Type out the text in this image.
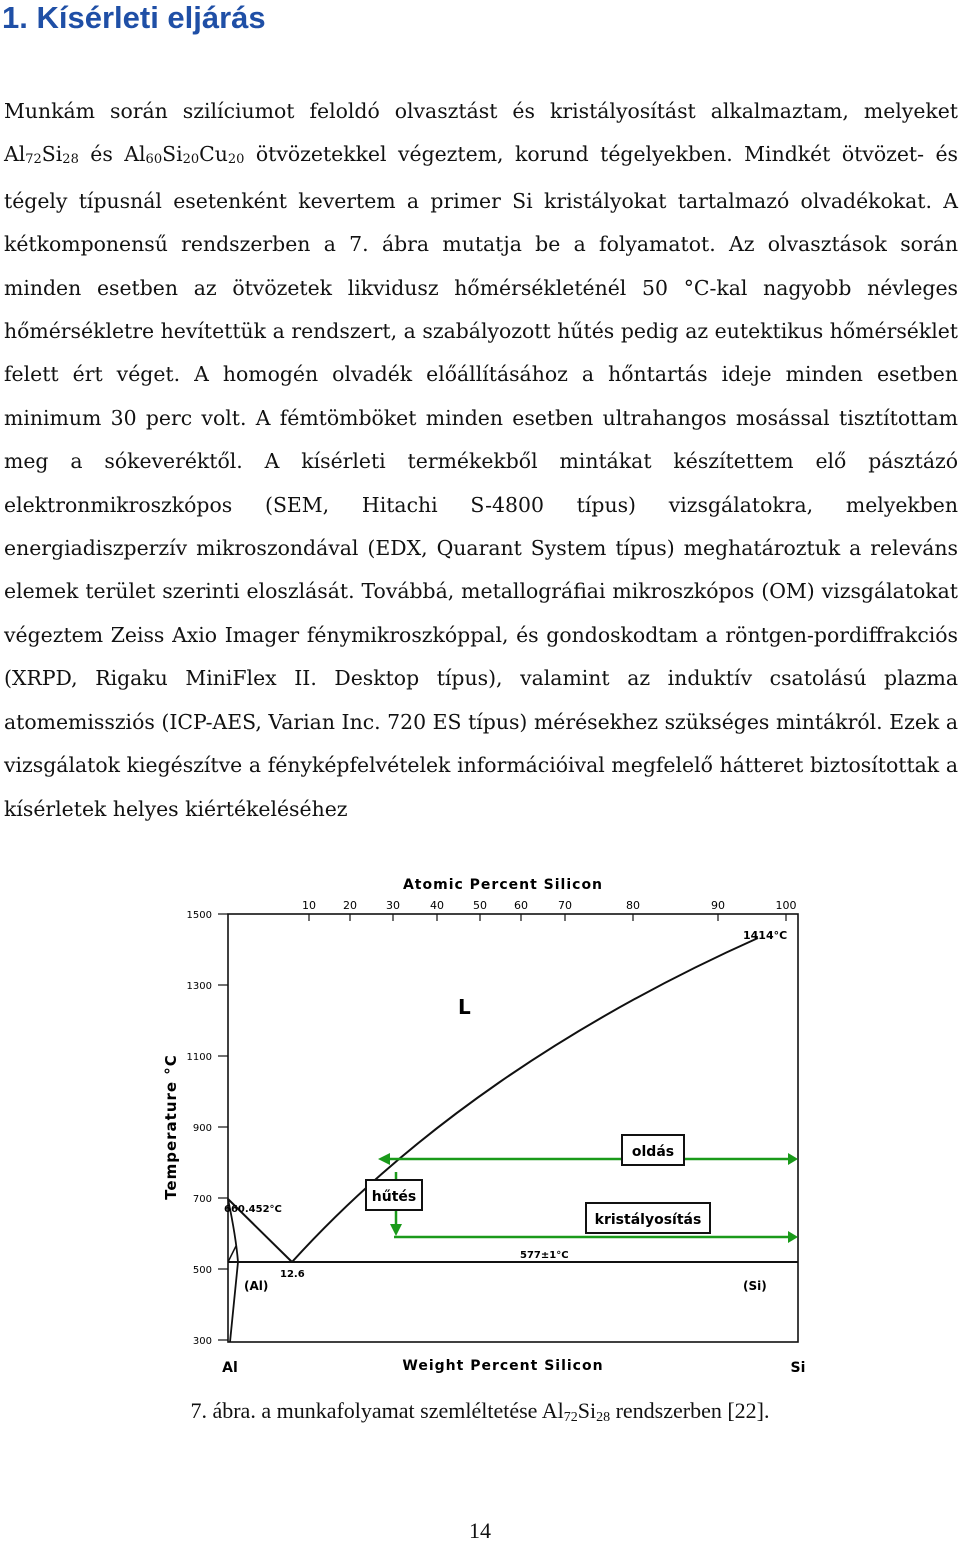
1. Kísérleti eljárás

Munkám során szilíciumot feloldó olvasztást és kristályosítást alkalmaztam, melyeket $Al_{72}Si_{28}$ és $Al_{60}Si_{20}Cu_{20}$ ötvözetekkel végeztem, korund tégelyekben. Mindkét ötvözet- és tégely típusnál esetenként kevertem a primer Si kristályokat tartalmazó olvadékokat. A kétkomponensű rendszerben a 7. ábra mutatja be a folyamatot. Az olvasztások során minden esetben az ötvözetek likvidusz hőmérsékleténél 50 °C-kal nagyobb névleges hőmérsékletre hevítettük a rendszert, a szabályozott hűtés pedig az eutektikus hőmérséklet felett ért véget. A homogén olvadék előállításához a hőntartás ideje minden esetben minimum 30 perc volt. A fémtömböket minden esetben ultrahangos mosással tisztítottam meg a sókeveréktől. A kísérleti termékekből mintákat készítettem elő pásztázó elektronmikroszkópos (SEM, Hitachi S-4800 típus) vizsgálatokra, melyekben energiadiszperzív mikroszondával (EDX, Quarant System típus) meghatároztuk a releváns elemek terület szerinti eloszlását. Továbbá, metallográfiai mikroszkópos (OM) vizsgálatokat végeztem Zeiss Axio Imager fénymikroszkóppal, és gondoskodtam a röntgen-pordiffrakciós (XRPD, Rigaku MiniFlex II. Desktop típus), valamint az induktív csatolású plazma atomemissziós (ICP-AES, Varian Inc. 720 ES típus) mérésekhez szükséges mintákról. Ezek a vizsgálatok kiegészítve a fényképfelvételek információival megfelelő hátteret biztosítottak a kísérletek helyes kiértékeléséhez

Atomic Percent Silicon
10 20	30	40	50 60	70	80	90	100
1500
1300
1100
900
700
500
300
Temperature °C
L
1414°C
660.452°C
577±1°C
12.6
(Al)	(Si)
oldás
hűtés
kristályosítás
Al	Weight Percent Silicon	Si
7. ábra. a munkafolyamat szemléltetése $Al_{72}Si_{28}$ rendszerben [22].
14
